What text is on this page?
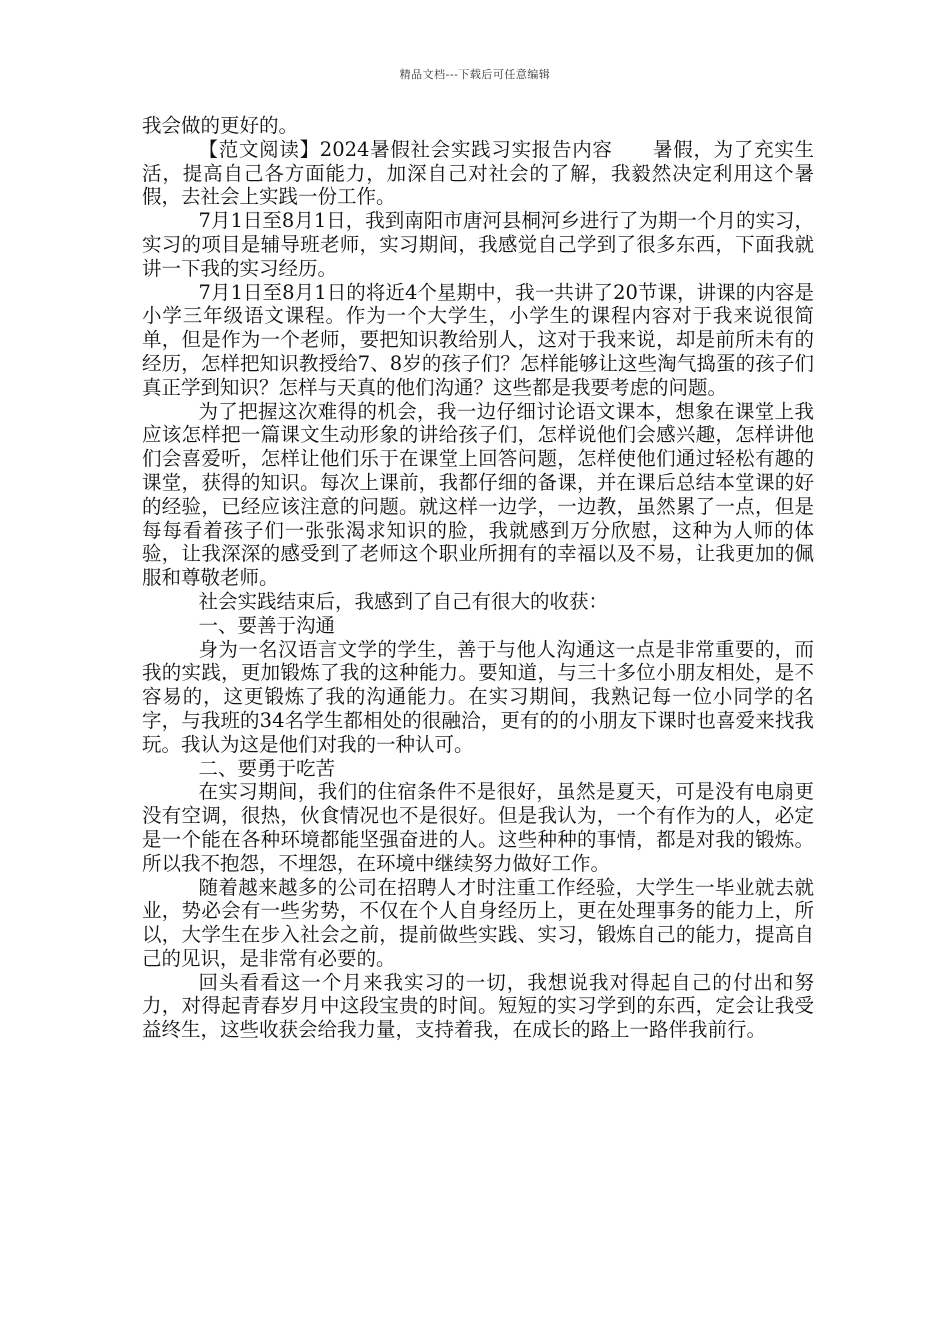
精品文档---下载后可任意编辑

我会做的更好的。

【范文阅读】2024暑假社会实践习实报告内容　　暑假，为了充实生活，提高自己各方面能力，加深自己对社会的了解，我毅然决定利用这个暑假，去社会上实践一份工作。

7月1日至8月1日，我到南阳市唐河县桐河乡进行了为期一个月的实习，实习的项目是辅导班老师，实习期间，我感觉自己学到了很多东西，下面我就讲一下我的实习经历。

7月1日至8月1日的将近4个星期中，我一共讲了20节课，讲课的内容是小学三年级语文课程。作为一个大学生，小学生的课程内容对于我来说很简单，但是作为一个老师，要把知识教给别人，这对于我来说，却是前所未有的经历，怎样把知识教授给7、8岁的孩子们？怎样能够让这些淘气捣蛋的孩子们真正学到知识？怎样与天真的他们沟通？这些都是我要考虑的问题。

为了把握这次难得的机会，我一边仔细讨论语文课本，想象在课堂上我应该怎样把一篇课文生动形象的讲给孩子们，怎样说他们会感兴趣，怎样讲他们会喜爱听，怎样让他们乐于在课堂上回答问题，怎样使他们通过轻松有趣的课堂，获得的知识。每次上课前，我都仔细的备课，并在课后总结本堂课的好的经验，已经应该注意的问题。就这样一边学，一边教，虽然累了一点，但是每每看着孩子们一张张渴求知识的脸，我就感到万分欣慰，这种为人师的体验，让我深深的感受到了老师这个职业所拥有的幸福以及不易，让我更加的佩服和尊敬老师。

社会实践结束后，我感到了自己有很大的收获：

一、要善于沟通

身为一名汉语言文学的学生，善于与他人沟通这一点是非常重要的，而我的实践，更加锻炼了我的这种能力。要知道，与三十多位小朋友相处，是不容易的，这更锻炼了我的沟通能力。在实习期间，我熟记每一位小同学的名字，与我班的34名学生都相处的很融洽，更有的的小朋友下课时也喜爱来找我玩。我认为这是他们对我的一种认可。

二、要勇于吃苦

在实习期间，我们的住宿条件不是很好，虽然是夏天，可是没有电扇更没有空调，很热，伙食情况也不是很好。但是我认为，一个有作为的人，必定是一个能在各种环境都能坚强奋进的人。这些种种的事情，都是对我的锻炼。所以我不抱怨，不埋怨，在环境中继续努力做好工作。

随着越来越多的公司在招聘人才时注重工作经验，大学生一毕业就去就业，势必会有一些劣势，不仅在个人自身经历上，更在处理事务的能力上，所以，大学生在步入社会之前，提前做些实践、实习，锻炼自己的能力，提高自己的见识，是非常有必要的。

回头看看这一个月来我实习的一切，我想说我对得起自己的付出和努力，对得起青春岁月中这段宝贵的时间。短短的实习学到的东西，定会让我受益终生，这些收获会给我力量，支持着我，在成长的路上一路伴我前行。
